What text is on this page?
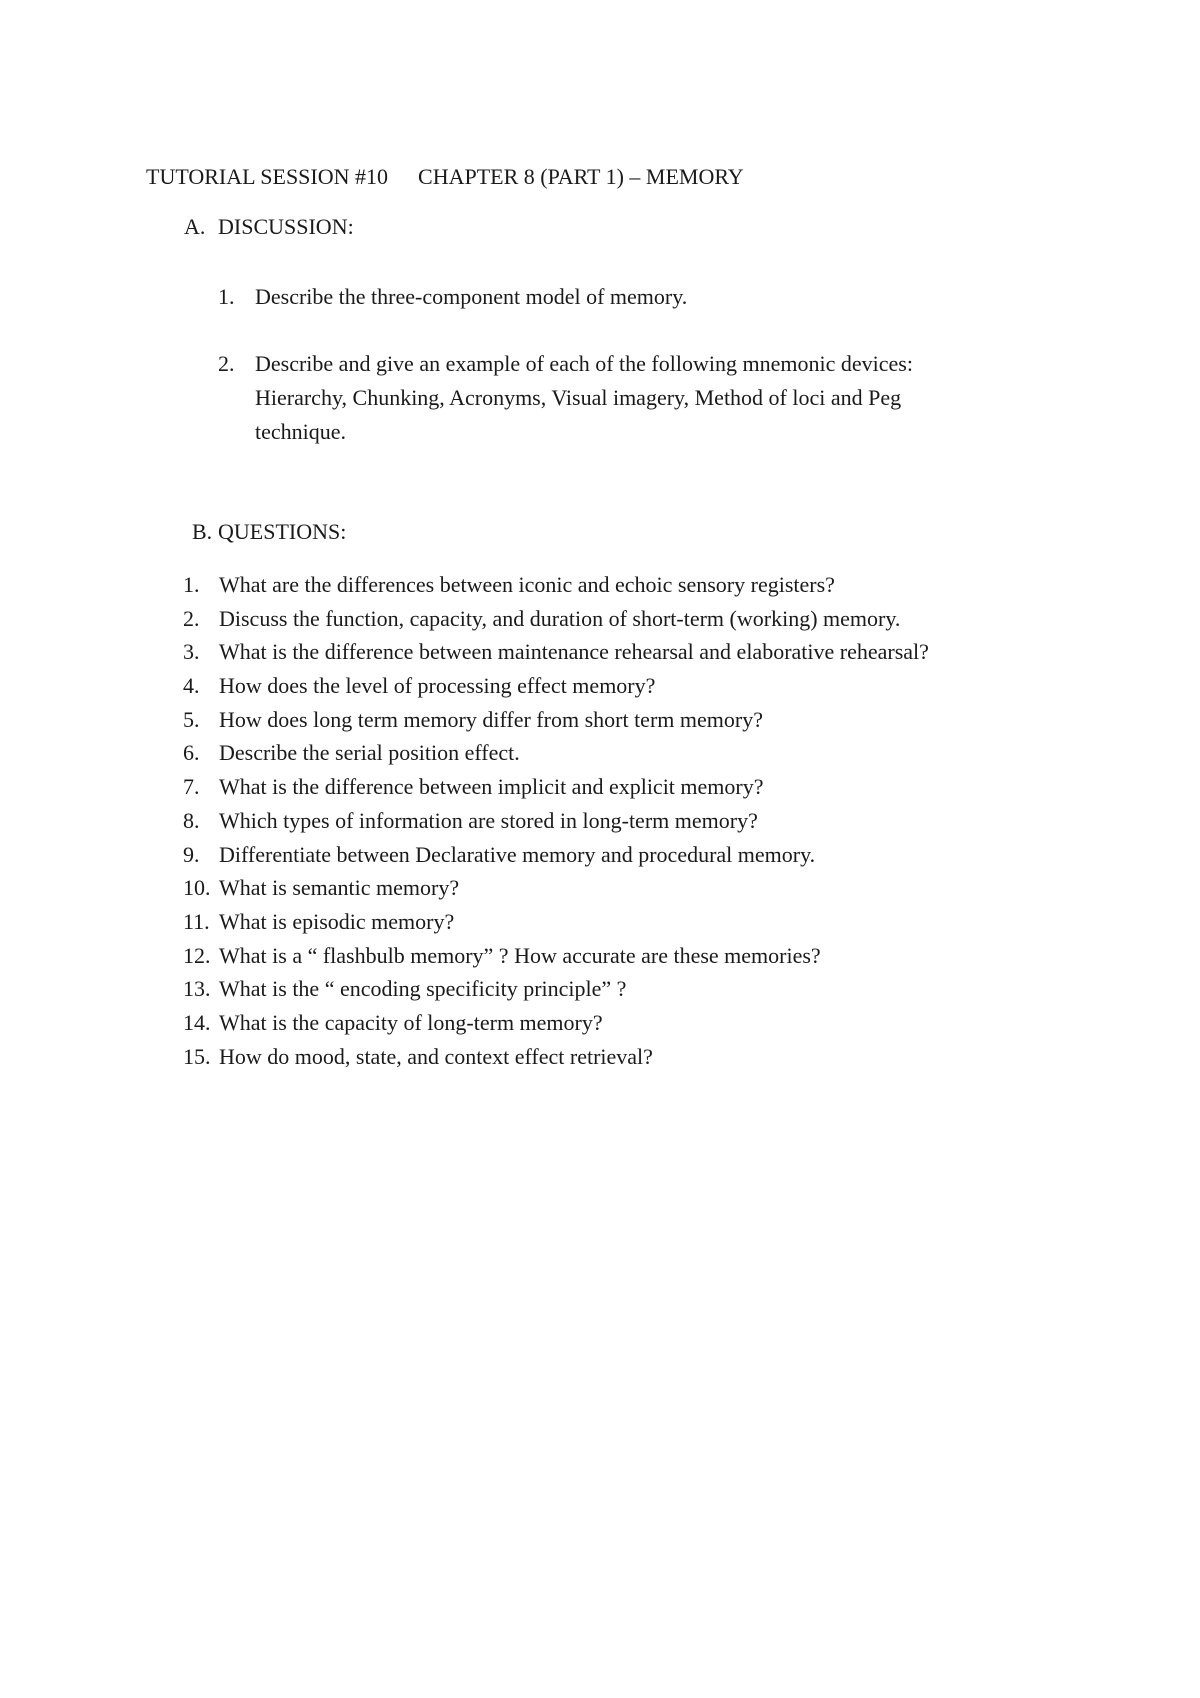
TUTORIAL SESSION #10 CHAPTER 8 (PART 1) – MEMORY
A. DISCUSSION:
1. Describe the three-component model of memory.
2. Describe and give an example of each of the following mnemonic devices: Hierarchy, Chunking, Acronyms, Visual imagery, Method of loci and Peg technique.
B. QUESTIONS:
1. What are the differences between iconic and echoic sensory registers?
2. Discuss the function, capacity, and duration of short-term (working) memory.
3. What is the difference between maintenance rehearsal and elaborative rehearsal?
4. How does the level of processing effect memory?
5. How does long term memory differ from short term memory?
6. Describe the serial position effect.
7. What is the difference between implicit and explicit memory?
8. Which types of information are stored in long-term memory?
9. Differentiate between Declarative memory and procedural memory.
10. What is semantic memory?
11. What is episodic memory?
12. What is a “ flashbulb memory” ? How accurate are these memories?
13. What is the “ encoding specificity principle” ?
14. What is the capacity of long-term memory?
15. How do mood, state, and context effect retrieval?
